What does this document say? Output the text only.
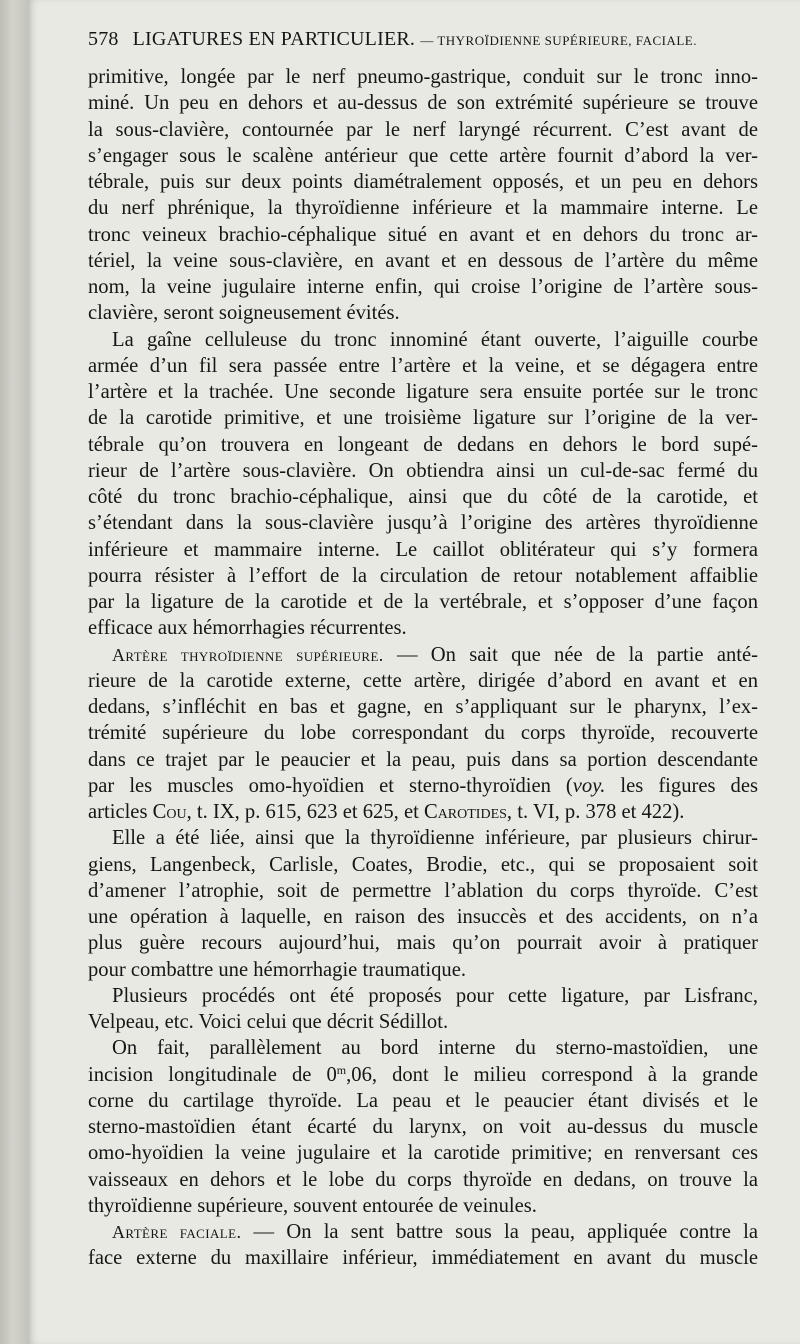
578 LIGATURES EN PARTICULIER. — THYROÏDIENNE SUPÉRIEURE, FACIALE.
primitive, longée par le nerf pneumo-gastrique, conduit sur le tronc inno-
miné. Un peu en dehors et au-dessus de son extrémité supérieure se trouve
la sous-clavière, contournée par le nerf laryngé récurrent. C’est avant de
s’engager sous le scalène antérieur que cette artère fournit d’abord la ver-
tébrale, puis sur deux points diamétralement opposés, et un peu en dehors
du nerf phrénique, la thyroïdienne inférieure et la mammaire interne. Le
tronc veineux brachio-céphalique situé en avant et en dehors du tronc ar-
tériel, la veine sous-clavière, en avant et en dessous de l’artère du même
nom, la veine jugulaire interne enfin, qui croise l’origine de l’artère sous-
clavière, seront soigneusement évités.
La gaîne celluleuse du tronc innominé étant ouverte, l’aiguille courbe
armée d’un fil sera passée entre l’artère et la veine, et se dégagera entre
l’artère et la trachée. Une seconde ligature sera ensuite portée sur le tronc
de la carotide primitive, et une troisième ligature sur l’origine de la ver-
tébrale qu’on trouvera en longeant de dedans en dehors le bord supé-
rieur de l’artère sous-clavière. On obtiendra ainsi un cul-de-sac fermé du
côté du tronc brachio-céphalique, ainsi que du côté de la carotide, et
s’étendant dans la sous-clavière jusqu’à l’origine des artères thyroïdienne
inférieure et mammaire interne. Le caillot oblitérateur qui s’y formera
pourra résister à l’effort de la circulation de retour notablement affaiblie
par la ligature de la carotide et de la vertébrale, et s’opposer d’une façon
efficace aux hémorrhagies récurrentes.
Artère thyroïdienne supérieure. — On sait que née de la partie anté-
rieure de la carotide externe, cette artère, dirigée d’abord en avant et en
dedans, s’infléchit en bas et gagne, en s’appliquant sur le pharynx, l’ex-
trémité supérieure du lobe correspondant du corps thyroïde, recouverte
dans ce trajet par le peaucier et la peau, puis dans sa portion descendante
par les muscles omo-hyoïdien et sterno-thyroïdien (voy. les figures des
articles Cou, t. IX, p. 615, 623 et 625, et Carotides, t. VI, p. 378 et 422).
Elle a été liée, ainsi que la thyroïdienne inférieure, par plusieurs chirur-
giens, Langenbeck, Carlisle, Coates, Brodie, etc., qui se proposaient soit
d’amener l’atrophie, soit de permettre l’ablation du corps thyroïde. C’est
une opération à laquelle, en raison des insuccès et des accidents, on n’a
plus guère recours aujourd’hui, mais qu’on pourrait avoir à pratiquer
pour combattre une hémorrhagie traumatique.
Plusieurs procédés ont été proposés pour cette ligature, par Lisfranc,
Velpeau, etc. Voici celui que décrit Sédillot.
On fait, parallèlement au bord interne du sterno-mastoïdien, une
incision longitudinale de 0$^m$,06, dont le milieu correspond à la grande
corne du cartilage thyroïde. La peau et le peaucier étant divisés et le
sterno-mastoïdien étant écarté du larynx, on voit au-dessus du muscle
omo-hyoïdien la veine jugulaire et la carotide primitive; en renversant ces
vaisseaux en dehors et le lobe du corps thyroïde en dedans, on trouve la
thyroïdienne supérieure, souvent entourée de veinules.
Artère faciale. — On la sent battre sous la peau, appliquée contre la
face externe du maxillaire inférieur, immédiatement en avant du muscle
